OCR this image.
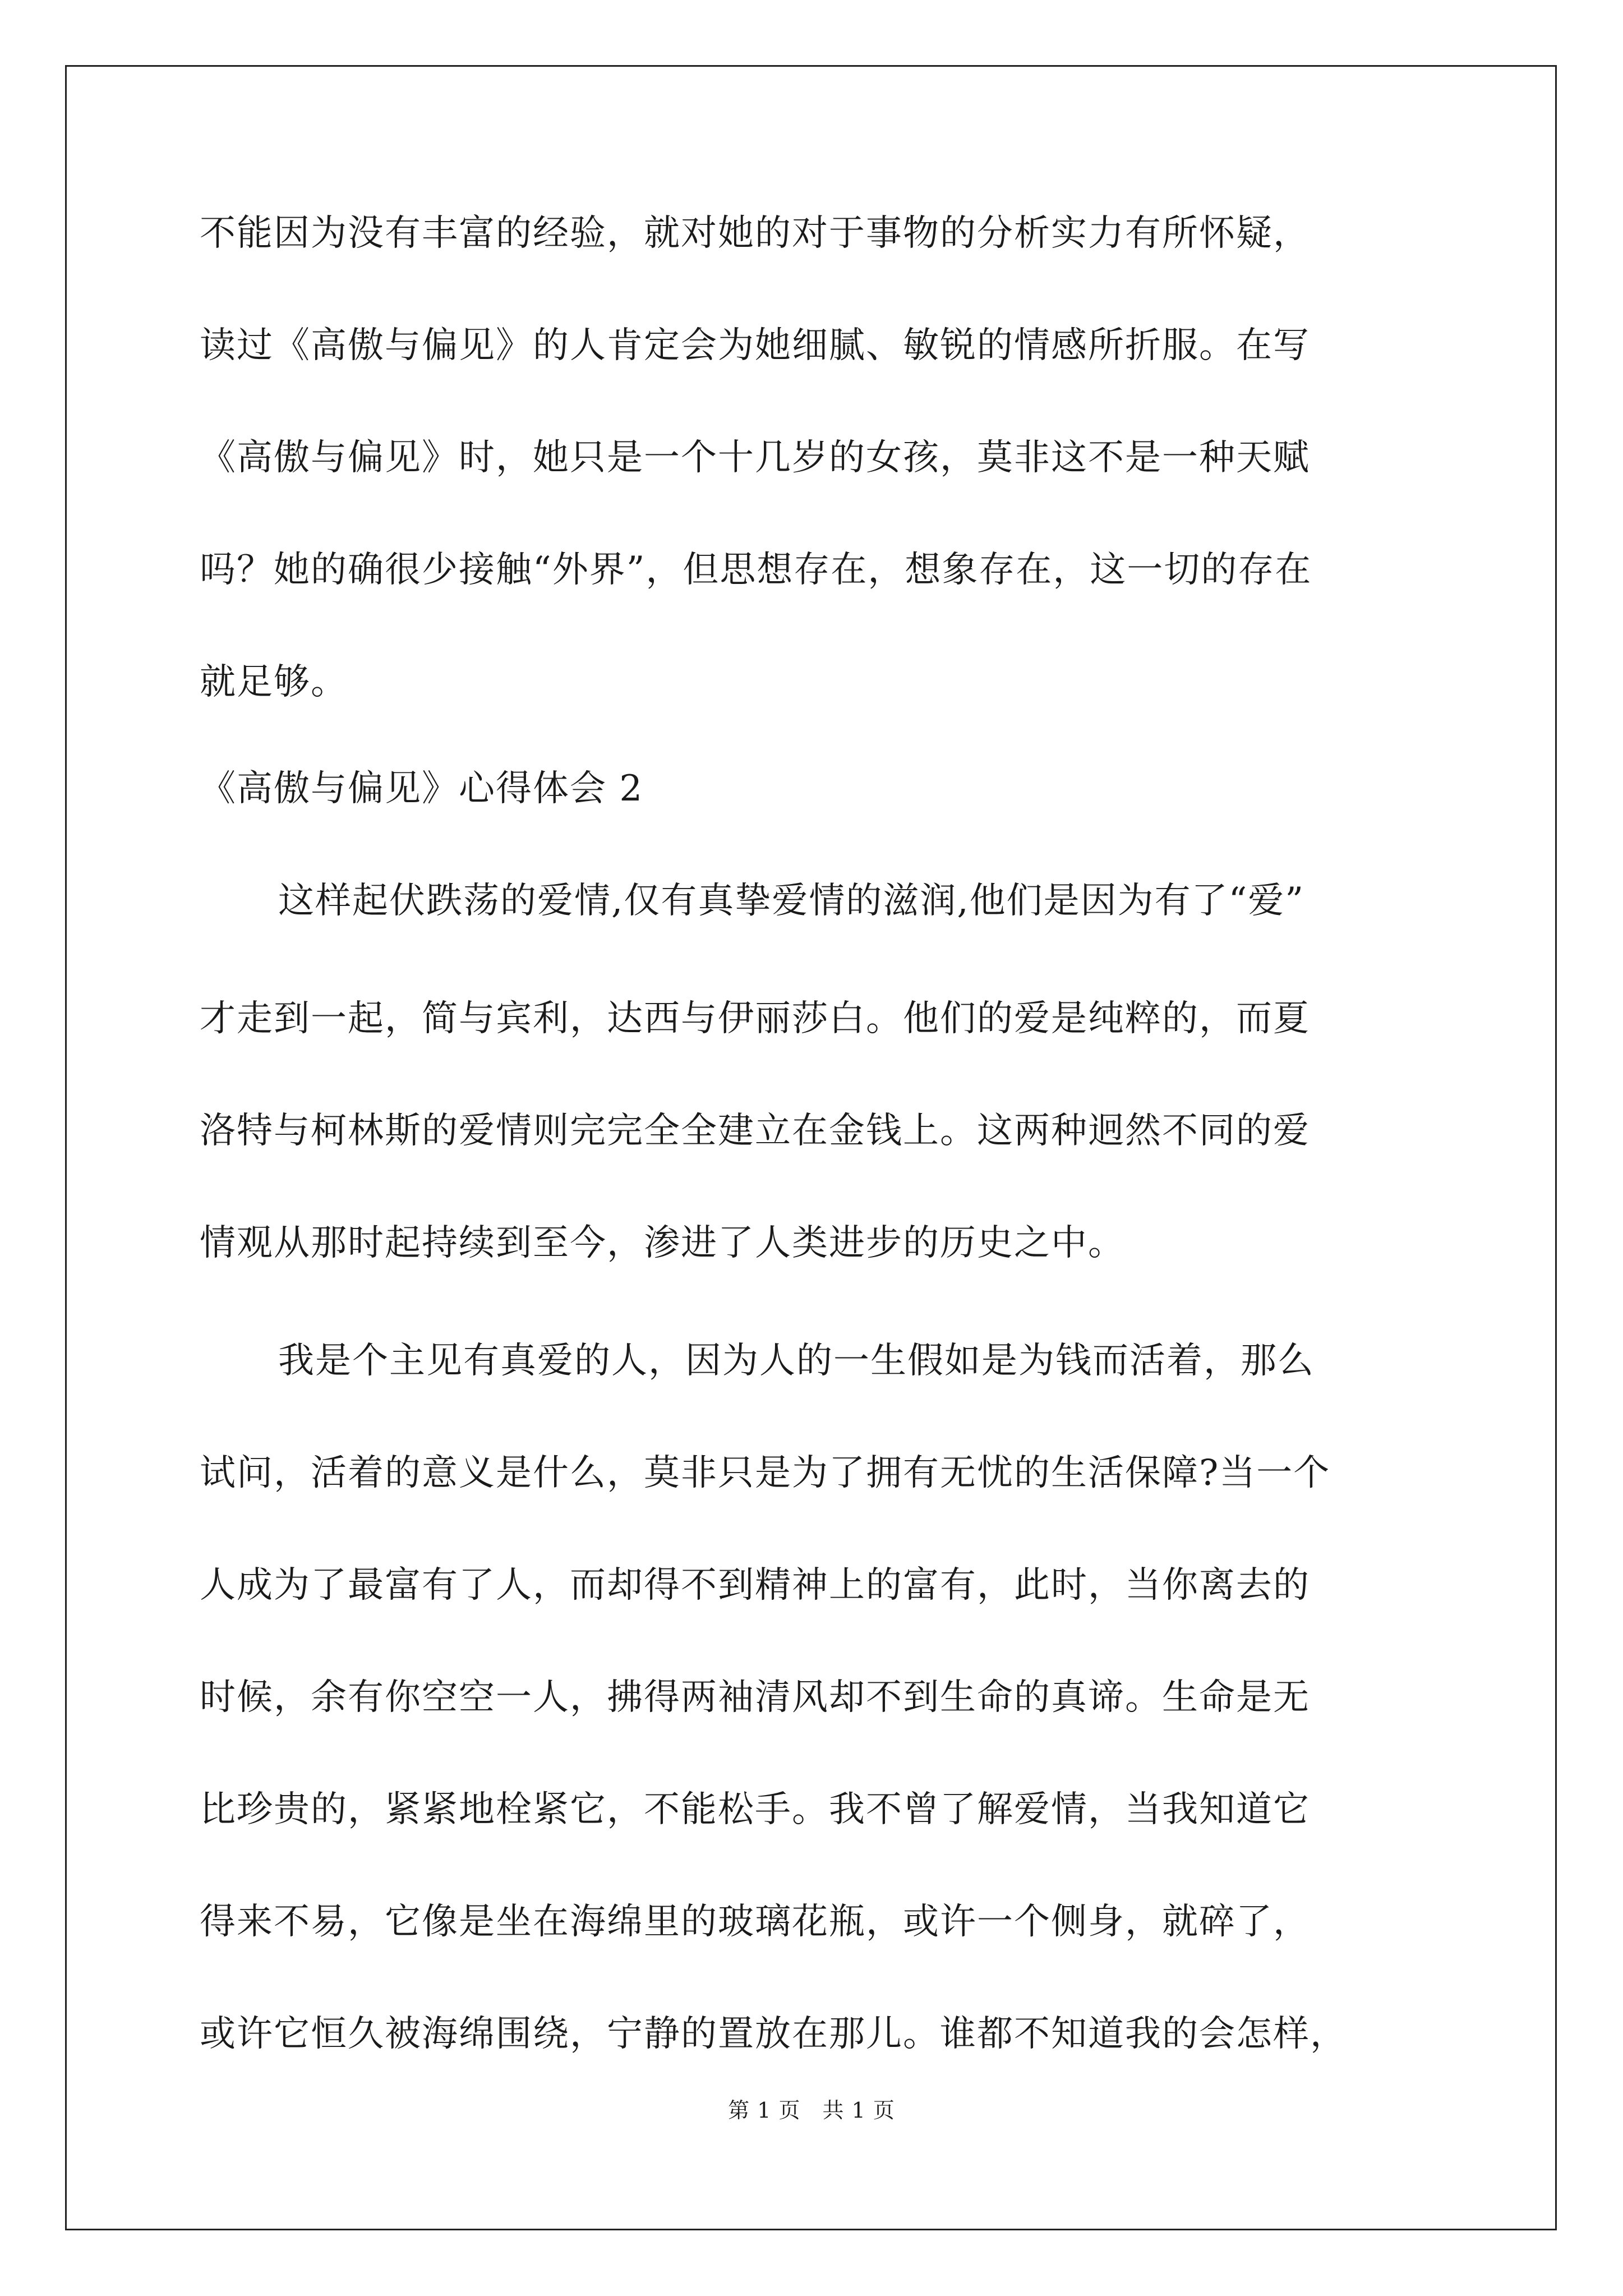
不能因为没有丰富的经验，就对她的对于事物的分析实力有所怀疑，
读过《高傲与偏见》的人肯定会为她细腻、敏锐的情感所折服。在写
《高傲与偏见》时，她只是一个十几岁的女孩，莫非这不是一种天赋
吗？她的确很少接触“外界”，但思想存在，想象存在，这一切的存在
就足够。
《高傲与偏见》心得体会 2
这样起伏跌荡的爱情,仅有真挚爱情的滋润,他们是因为有了“爱”
才走到一起，简与宾利，达西与伊丽莎白。他们的爱是纯粹的，而夏
洛特与柯林斯的爱情则完完全全建立在金钱上。这两种迥然不同的爱
情观从那时起持续到至今，渗进了人类进步的历史之中。
我是个主见有真爱的人，因为人的一生假如是为钱而活着，那么
试问，活着的意义是什么，莫非只是为了拥有无忧的生活保障?当一个
人成为了最富有了人，而却得不到精神上的富有，此时，当你离去的
时候，余有你空空一人，拂得两袖清风却不到生命的真谛。生命是无
比珍贵的，紧紧地栓紧它，不能松手。我不曾了解爱情，当我知道它
得来不易，它像是坐在海绵里的玻璃花瓶，或许一个侧身，就碎了，
或许它恒久被海绵围绕，宁静的置放在那儿。谁都不知道我的会怎样，
第 1 页　共 1 页
